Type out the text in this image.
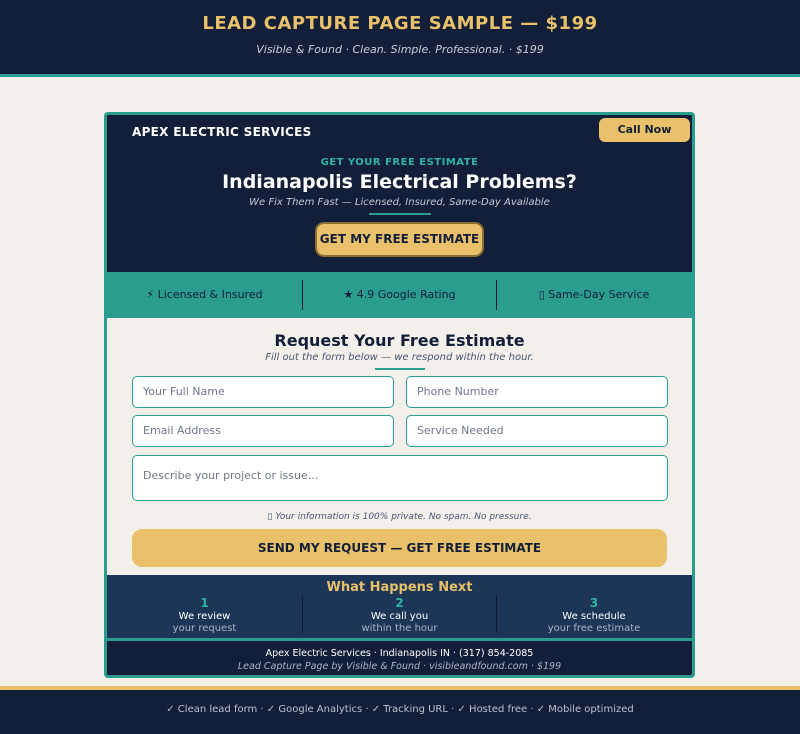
LEAD CAPTURE PAGE SAMPLE — $199
Visible & Found · Clean. Simple. Professional. · $199
APEX ELECTRIC SERVICES	Call Now
GET YOUR FREE ESTIMATE
Indianapolis Electrical Problems?
We Fix Them Fast — Licensed, Insured, Same-Day Available
GET MY FREE ESTIMATE
⚡ Licensed & Insured	★ 4.9 Google Rating	▯ Same-Day Service
Request Your Free Estimate
Fill out the form below — we respond within the hour.
Your Full Name	Phone Number
Email Address	Service Needed
Describe your project or issue...
▯ Your information is 100% private. No spam. No pressure.
SEND MY REQUEST — GET FREE ESTIMATE
What Happens Next
1
We review
your request
2
We call you
within the hour
3
We schedule
your free estimate
Apex Electric Services · Indianapolis IN · (317) 854-2085
Lead Capture Page by Visible & Found · visibleandfound.com · $199
✓ Clean lead form · ✓ Google Analytics · ✓ Tracking URL · ✓ Hosted free · ✓ Mobile optimized
